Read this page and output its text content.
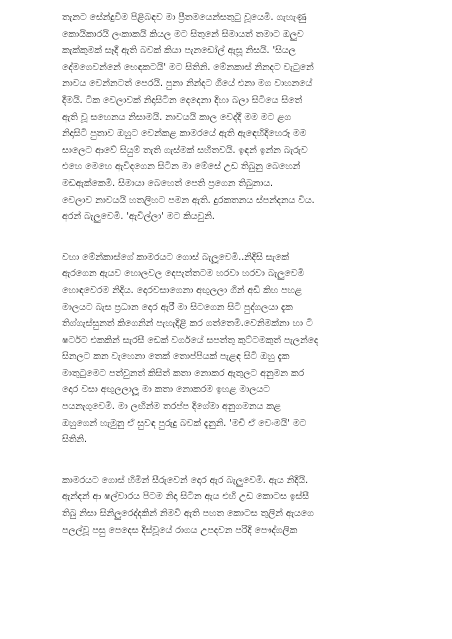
තැනට සේන්දුවීම පිළිබඳව මා ප්‍රීතමයෙන්සතුටු වූයෙමි. ගැහැණු
කොයිකාරයි ලංකාකයි කියල මට සිතුනේ සිමායත් තමාට ඔලුව
කැක්කුමක් සෑදී ඇති බවක් කියා පැනඩෝල් ඇසූ නිසයි. 'සියල
දේමගෙවන්නේ භෙඳකටයි' මට සිතිනි. මේනකාස් නිනදට වැටුනේ
නාවය වෙන්නටත් පෙරයි. පුනා නින්දට ගියේ එනා මග වාහනයේ
දීමයි. ටික වෙලාවක් නිදාසිටින දෙදෙනා දිහා බලා සිටියෙ සිතේ
ඇති වූ සහෙනය නිසාමයි. නාවයයි කාල වෙද්දී මම මට ළග
නිදාසිටි පුතාව ඔහුට වෙන්කළ කාමරයේ ඇති ඇඳෙහිදිහෙරූ මම
සාලෙට ආවේ සියුම් තැති ගැස්මක් සහිතවයි. ඉඳන් ඉන්න බැරුව
එහෙ මෙහෙ ඇවිදගෙන සිටින මා මේසේ උඩ තිබුනු බෙහෙන්
මඩඇක්කෙමි. සිමායා බෙහෙත් පෙති ප්‍රගෙන තිබුනාය.
වෙලාව නාවයයි හතලිහට පමන ඇති. දුරකතනය ස්පන්දනය විය.
අරන් බැලුවෙමි. 'ඇවිල්ලා' මට කියවුනි.
වහා මේන්කාස්ගේ කාමරයට ගොස් බැලූවෙමි..නිදිසි සැකේ
ඇරගෙන ඇයව හොලවල දෙපැත්තටම හරවා හරවා බැලුවෙමි
හොඳවෙරම නිදිය. දොරවසාගෙනා අඟුලලා ගින් අඩි කිහ පහළ
මාලයට බැස ප්‍රධාන දොර ඇරී මා සිටගෙන සිටි පුද්ගලයා දැක
තිග්ගැස්සුනත් කිගෙනින් පැහැදිළි කර ගත්තෙමි.වෙනිමක්නා හා ටි
ෂර්ටට එකකින් සැරසී ඩෙක් වර්ගයේ සපත්තු කුට්ටමකුත් පැලන්දෙ
සිනලට කන වැහෙනා තෙක් තොප්පියක් පැළඳ සිටි ඔහු දැක
මාතුටුමෙට පත්වුනත් කිසිත් කතා නොකර ඇතුලට අනුමන කර
දොර වසා අඟුලලාලූ මා කතා නොකරම ඉහළ මාලයට
පයනැගුවෙමි. මා ලඟින්ම තරප්ප දිගේමා අනුගමනය කළ
ඔහුගෙන් හැමුනු ඒ සුවඳ පුරුදු බවක් දැනුනි. 'මචී ඒ වෙංමයි' මට
සිතිනි.
කාමරයට ගොස් හිමින් සීරුවෙන් දොර ඇර බැලුවෙමි. ඇය නිදියි.
ඇන්දන් ආ ෂල්වාරය පිටම නිදා සිටින ඇය එහි උඩ කොටස ඉස්සී
තිබු නිසා සිනිලුරෙද්දකින් නිමවී ඇති පහත කොටස තුලින් ඇයගෙ
පලල්වූ පසු පෙදෙස දිස්වූයේ රාගය උපදවන පරිදි පෞද්ගලික
